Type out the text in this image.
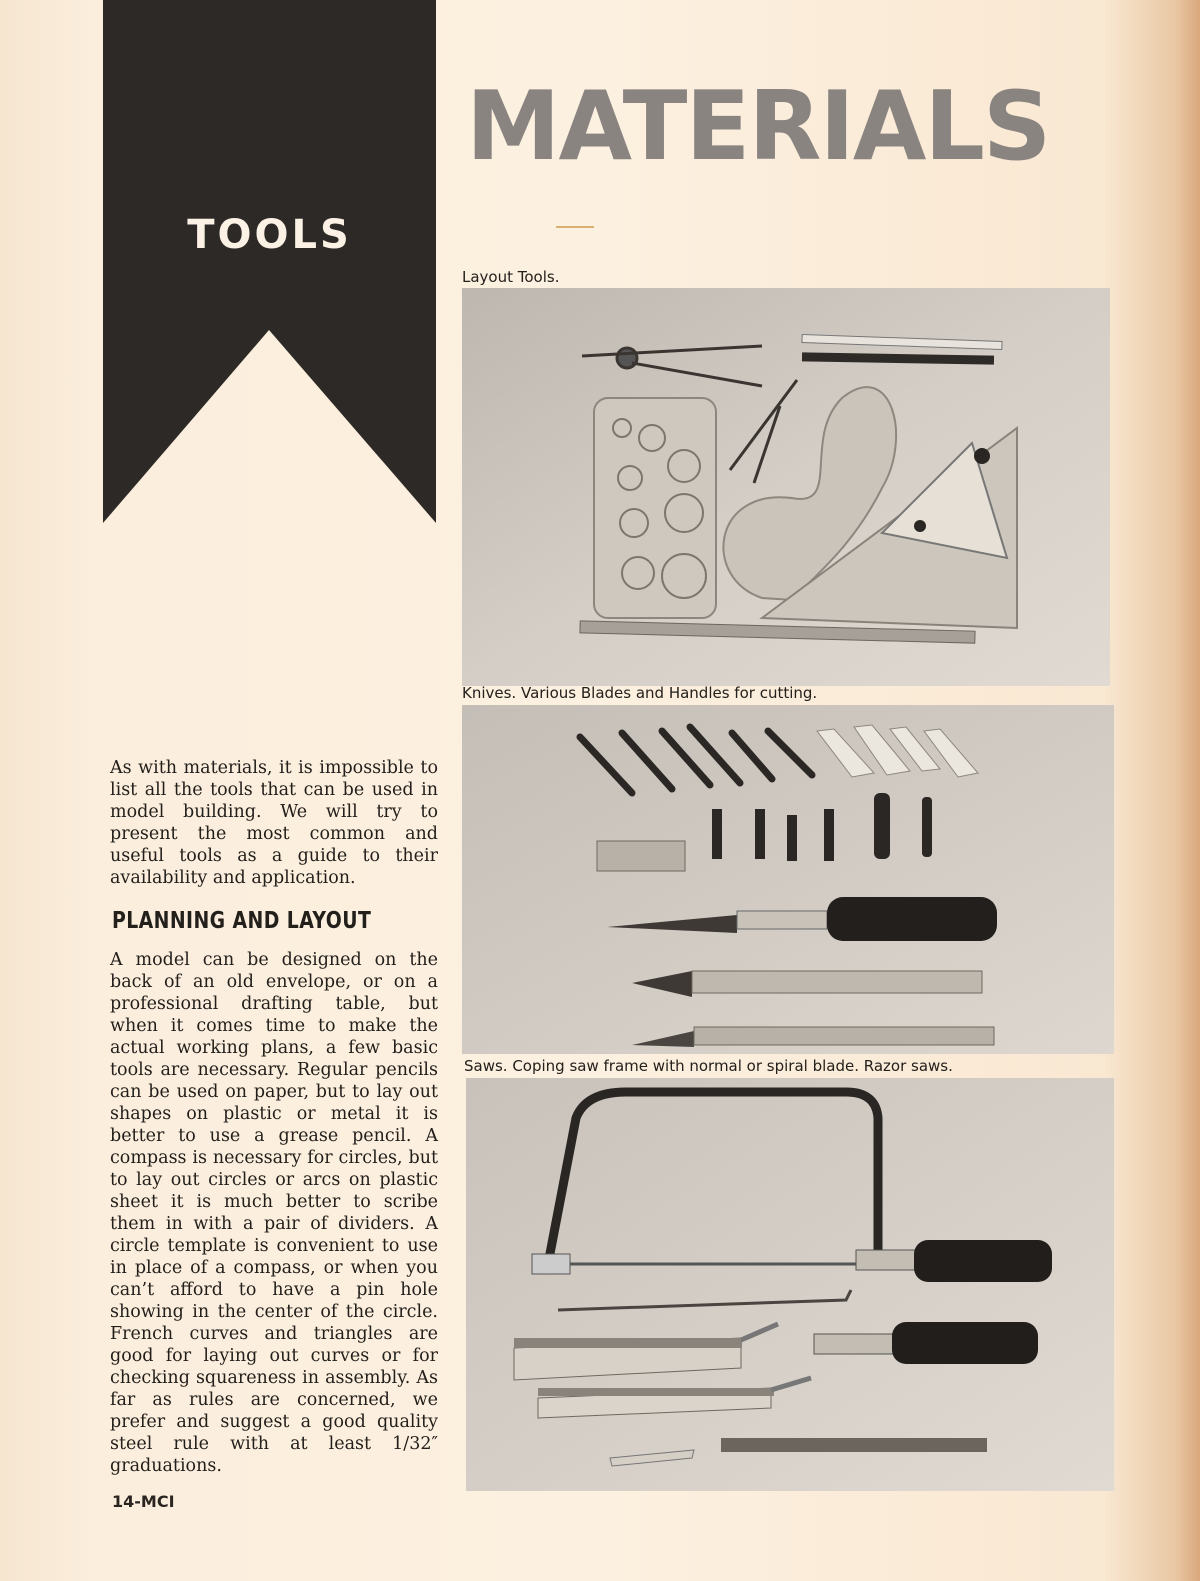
TOOLS
MATERIALS
Layout Tools.
Knives. Various Blades and Handles for cutting.
Saws. Coping saw frame with normal or spiral blade. Razor saws.
As with materials, it is impossible to list all the tools that can be used in model building. We will try to present the most common and useful tools as a guide to their availability and application.
PLANNING AND LAYOUT
A model can be designed on the back of an old envelope, or on a professional drafting table, but when it comes time to make the actual working plans, a few basic tools are necessary. Regular pencils can be used on paper, but to lay out shapes on plastic or metal it is better to use a grease pencil. A compass is necessary for circles, but to lay out circles or arcs on plastic sheet it is much better to scribe them in with a pair of dividers. A circle template is convenient to use in place of a compass, or when you can’t afford to have a pin hole showing in the center of the circle. French curves and triangles are good for laying out curves or for checking squareness in assembly. As far as rules are concerned, we prefer and suggest a good quality steel rule with at least 1/32″ graduations.
14-MCI
